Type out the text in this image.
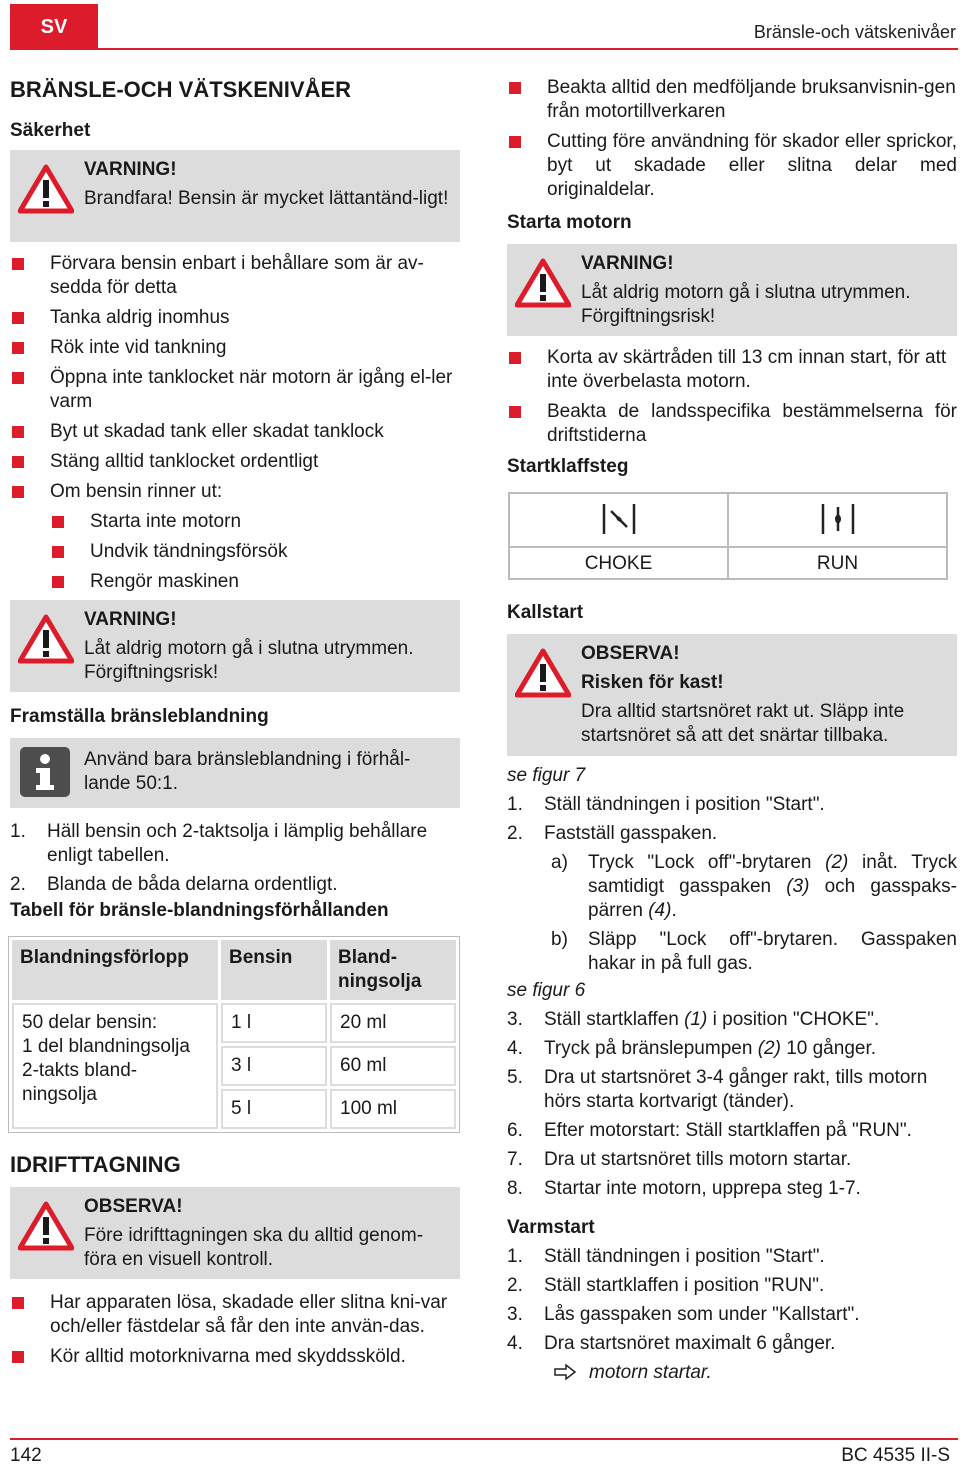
SV	Bränsle-och vätskenivåer
BRÄNSLE-OCH VÄTSKENIVÅER
Säkerhet
VARNING!
Brandfara! Bensin är mycket lättantänd-ligt!
Förvara bensin enbart i behållare som är av-sedda för detta
Tanka aldrig inomhus
Rök inte vid tankning
Öppna inte tanklocket när motorn är igång el-ler varm
Byt ut skadad tank eller skadat tanklock
Stäng alltid tanklocket ordentligt
Om bensin rinner ut:
Starta inte motorn
Undvik tändningsförsök
Rengör maskinen
VARNING!
Låt aldrig motorn gå i slutna utrymmen.
Förgiftningsrisk!
Framställa bränsleblandning
Använd bara bränsleblandning i förhål-lande 50:1.
1. Häll bensin och 2-taktsolja i lämplig behållare enligt tabellen.
2. Blanda de båda delarna ordentligt.
Tabell för bränsle-blandningsförhållanden
Blandningsförlopp	Bensin	Bland-ningsolja
50 delar bensin:
1 del blandningsolja
2-takts bland-ningsolja	1 l	20 ml
	3 l	60 ml
	5 l	100 ml
IDRIFTTAGNING
OBSERVA!
Före idrifttagningen ska du alltid genom-föra en visuell kontroll.
Har apparaten lösa, skadade eller slitna kni-var och/eller fästdelar så får den inte använ-das.
Kör alltid motorknivarna med skyddssköld.
Beakta alltid den medföljande bruksanvisnin-gen från motortillverkaren
Cutting före användning för skador eller sprickor, byt ut skadade eller slitna delar med originaldelar.
Starta motorn
VARNING!
Låt aldrig motorn gå i slutna utrymmen.
Förgiftningsrisk!
Korta av skärtråden till 13 cm innan start, för att inte överbelasta motorn.
Beakta de landsspecifika bestämmelserna för driftstiderna
Startklaffsteg
CHOKE	RUN
Kallstart
OBSERVA!
Risken för kast!
Dra alltid startsnöret rakt ut. Släpp inte startsnöret så att det snärtar tillbaka.
se figur 7
1. Ställ tändningen i position "Start".
2. Fastställ gasspaken.
a) Tryck "Lock off"-brytaren (2) inåt. Tryck samtidigt gasspaken (3) och gasspaks-pärren (4).
b) Släpp "Lock off"-brytaren. Gasspaken hakar in på full gas.
se figur 6
3. Ställ startklaffen (1) i position "CHOKE".
4. Tryck på bränslepumpen (2) 10 gånger.
5. Dra ut startsnöret 3-4 gånger rakt, tills motorn hörs starta kortvarigt (tänder).
6. Efter motorstart: Ställ startklaffen på "RUN".
7. Dra ut startsnöret tills motorn startar.
8. Startar inte motorn, upprepa steg 1-7.
Varmstart
1. Ställ tändningen i position "Start".
2. Ställ startklaffen i position "RUN".
3. Lås gasspaken som under "Kallstart".
4. Dra startsnöret maximalt 6 gånger.
motorn startar.
142	BC 4535 II-S
